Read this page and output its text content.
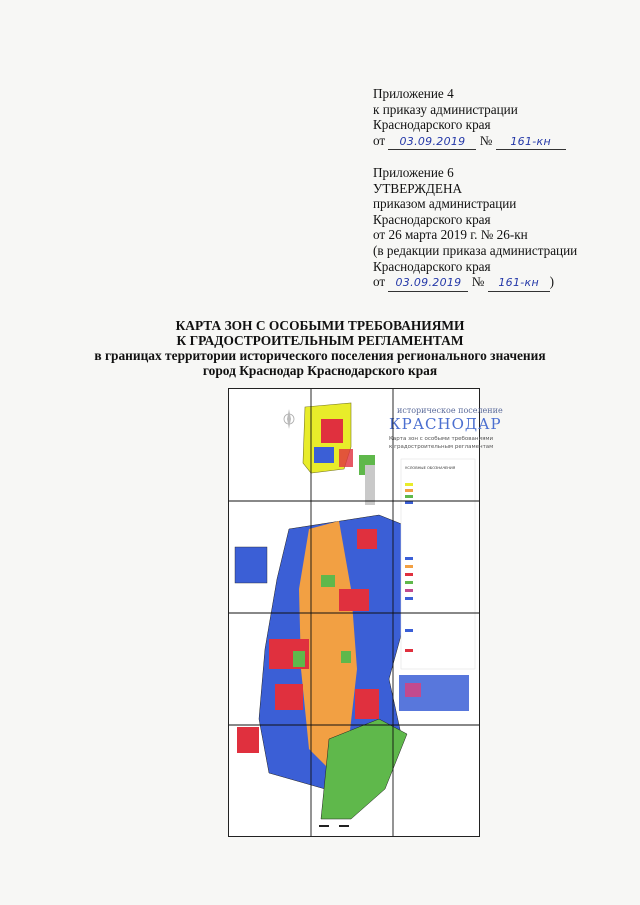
Приложение 4
к приказу администрации
Краснодарского края
от 03.09.2019 № 161-кн
Приложение 6
УТВЕРЖДЕНА
приказом администрации
Краснодарского края
от 26 марта 2019 г. № 26-кн
(в редакции приказа администрации
Краснодарского края
от 03.09.2019 № 161-кн )
КАРТА ЗОН С ОСОБЫМИ ТРЕБОВАНИЯМИ
К ГРАДОСТРОИТЕЛЬНЫМ РЕГЛАМЕНТАМ
в границах территории исторического поселения регионального значения
город Краснодар Краснодарского края
историческое поселение
КРАСНОДАР
Карта зон с особыми требованиями
к градостроительным регламентам
УСЛОВНЫЕ ОБОЗНАЧЕНИЯ
